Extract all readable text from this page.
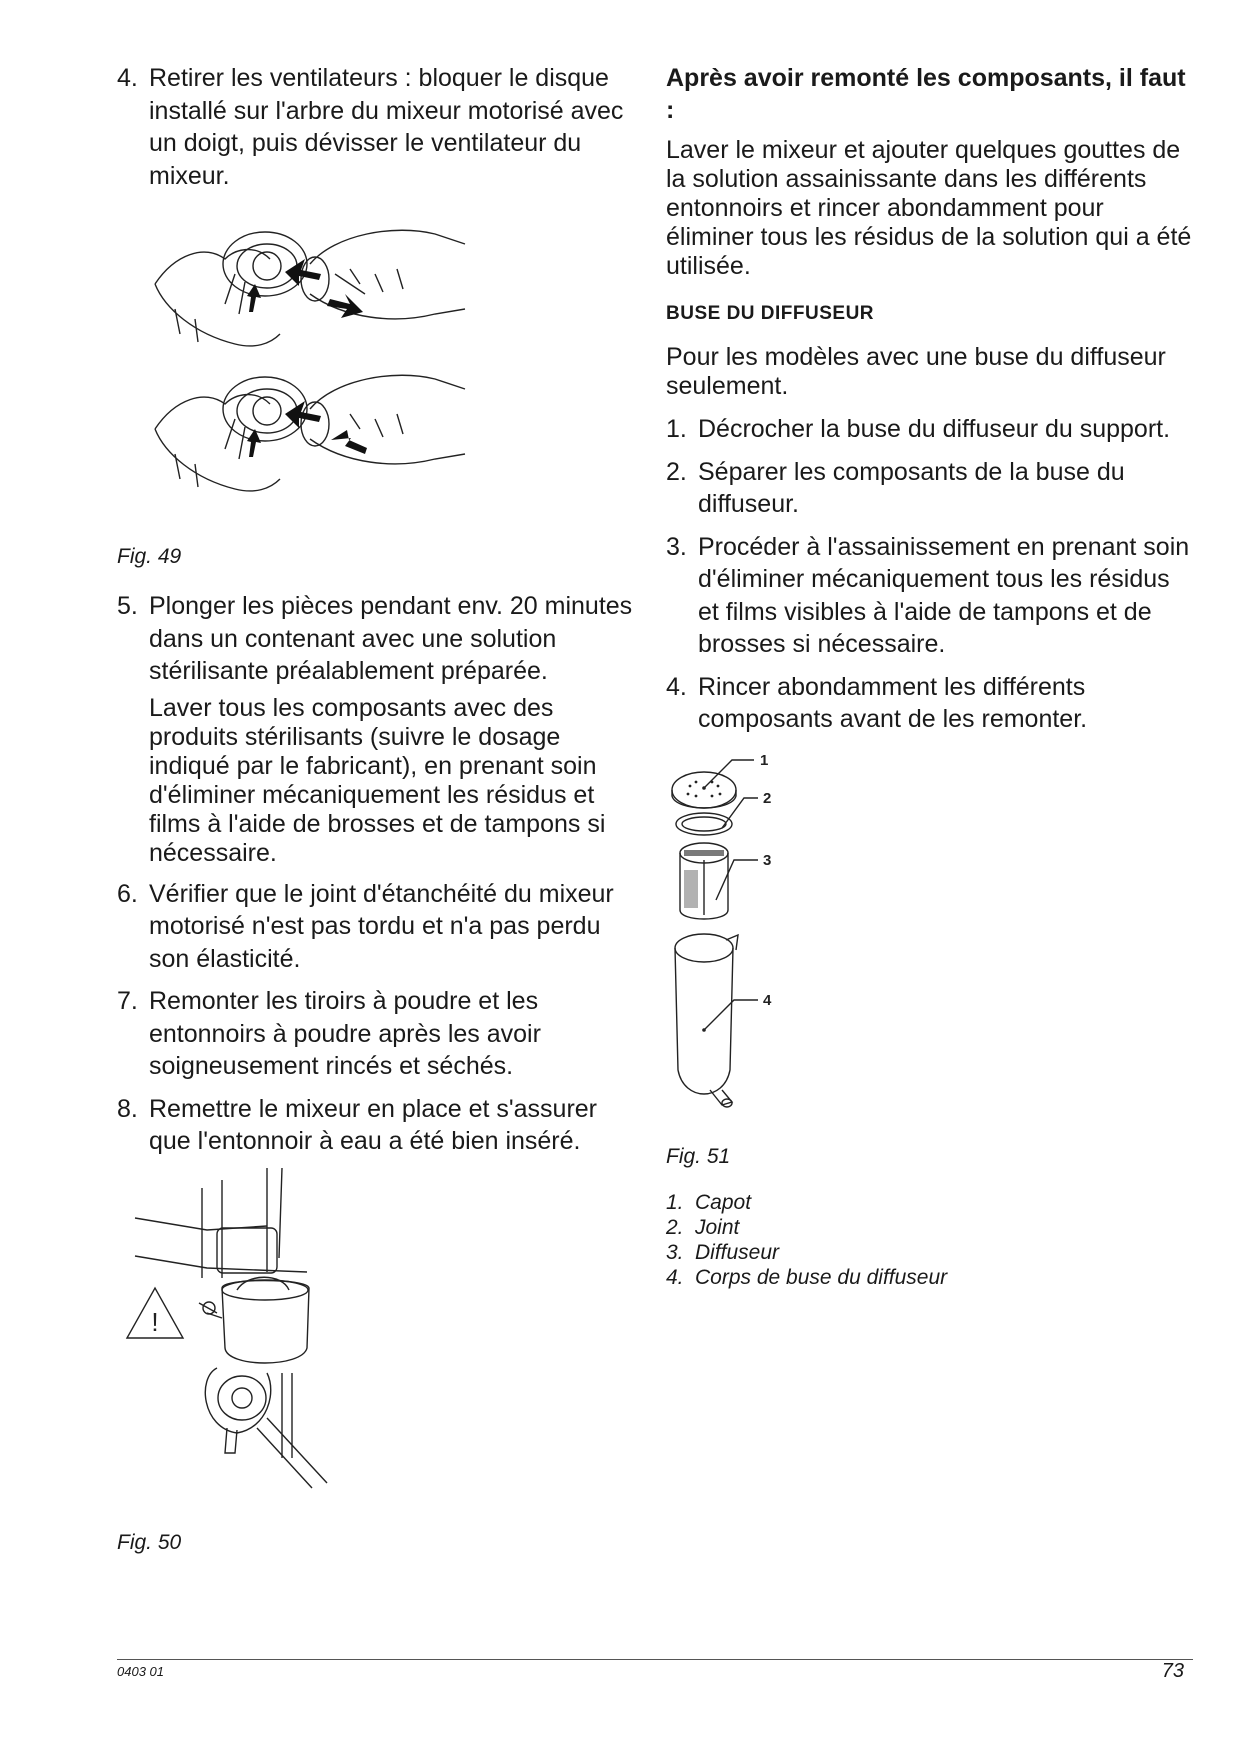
4. Retirer les ventilateurs : bloquer le disque installé sur l'arbre du mixeur motorisé avec un doigt, puis dévisser le ventilateur du mixeur.

Fig. 49
5. Plonger les pièces pendant env. 20 minutes dans un contenant avec une solution stérilisante préalablement préparée.

Laver tous les composants avec des produits stérilisants (suivre le dosage indiqué par le fabricant), en prenant soin d'éliminer mécaniquement les résidus et films à l'aide de brosses et de tampons si nécessaire.

6. Vérifier que le joint d'étanchéité du mixeur motorisé n'est pas tordu et n'a pas perdu son élasticité.

7. Remonter les tiroirs à poudre et les entonnoirs à poudre après les avoir soigneusement rincés et séchés.

8. Remettre le mixeur en place et s'assurer que l'entonnoir à eau a été bien inséré.

!
Fig. 50
Après avoir remonté les composants, il faut :
Laver le mixeur et ajouter quelques gouttes de la solution assainissante dans les différents entonnoirs et rincer abondamment pour éliminer tous les résidus de la solution qui a été utilisée.
BUSE DU DIFFUSEUR
Pour les modèles avec une buse du diffuseur seulement.
1. Décrocher la buse du diffuseur du support.

2. Séparer les composants de la buse du diffuseur.

3. Procéder à l'assainissement en prenant soin d'éliminer mécaniquement tous les résidus et films visibles à l'aide de tampons et de brosses si nécessaire.

4. Rincer abondamment les différents composants avant de les remonter.

1
2
3
4
Fig. 51
1. Capot
2. Joint
3. Diffuseur
4. Corps de buse du diffuseur
0403 01	73
